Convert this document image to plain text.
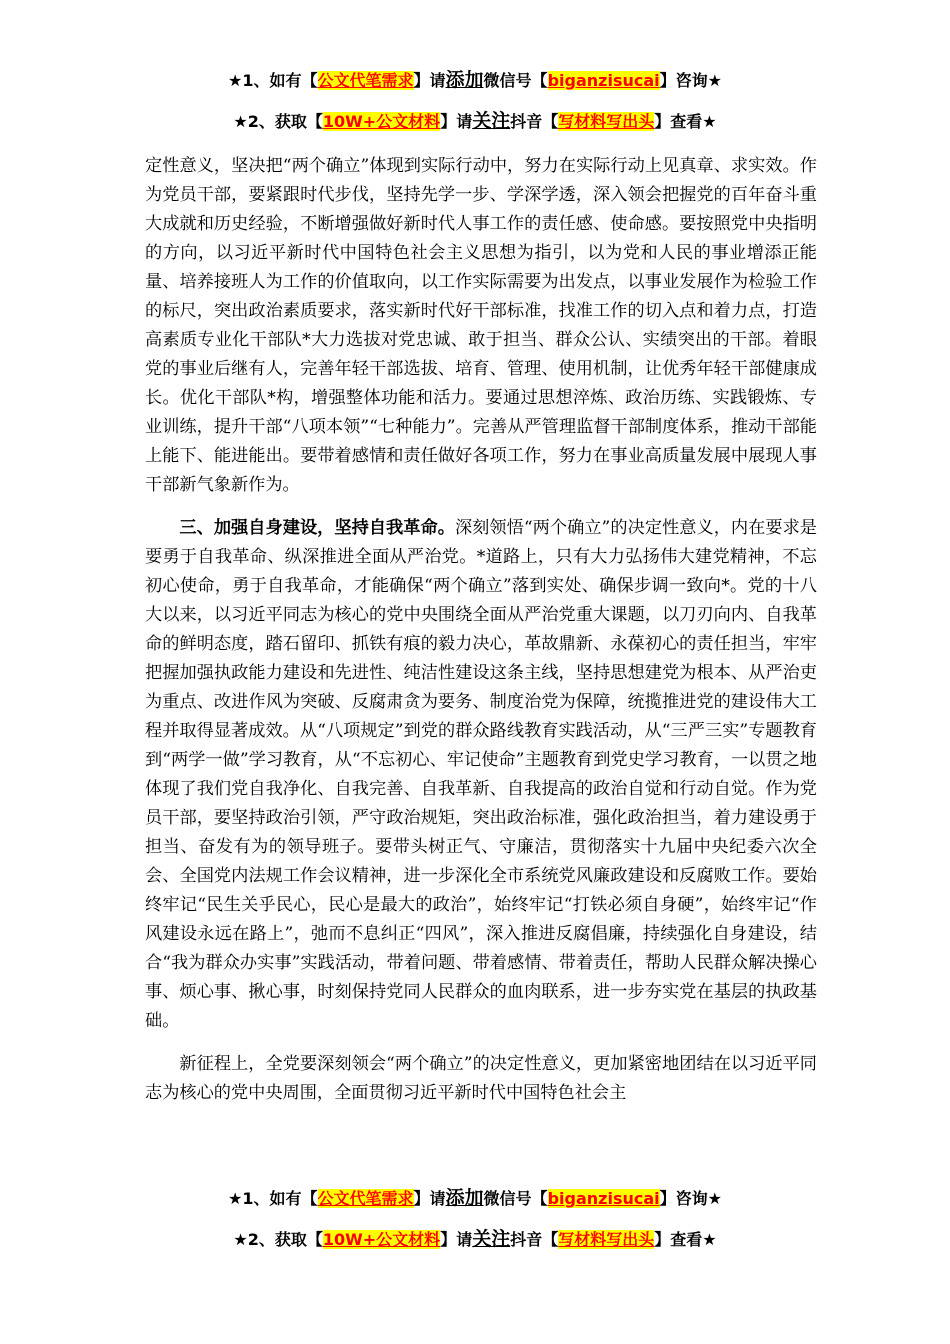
★1、如有【公文代笔需求】请添加微信号【biganzisucai】咨询★
★2、获取【10W+公文材料】请关注抖音【写材料写出头】查看★

定性意义，坚决把“两个确立”体现到实际行动中，努力在实际行动上见真章、求实效。作为党员干部，要紧跟时代步伐，坚持先学一步、学深学透，深入领会把握党的百年奋斗重大成就和历史经验，不断增强做好新时代人事工作的责任感、使命感。要按照党中央指明的方向，以习近平新时代中国特色社会主义思想为指引，以为党和人民的事业增添正能量、培养接班人为工作的价值取向，以工作实际需要为出发点，以事业发展作为检验工作的标尺，突出政治素质要求，落实新时代好干部标准，找准工作的切入点和着力点，打造高素质专业化干部队*大力选拔对党忠诚、敢于担当、群众公认、实绩突出的干部。着眼党的事业后继有人，完善年轻干部选拔、培育、管理、使用机制，让优秀年轻干部健康成长。优化干部队*构，增强整体功能和活力。要通过思想淬炼、政治历练、实践锻炼、专业训练，提升干部“八项本领”“七种能力”。完善从严管理监督干部制度体系，推动干部能上能下、能进能出。要带着感情和责任做好各项工作，努力在事业高质量发展中展现人事干部新气象新作为。

三、加强自身建设，坚持自我革命。深刻领悟“两个确立”的决定性意义，内在要求是要勇于自我革命、纵深推进全面从严治党。*道路上，只有大力弘扬伟大建党精神，不忘初心使命，勇于自我革命，才能确保“两个确立”落到实处、确保步调一致向*。党的十八大以来，以习近平同志为核心的党中央围绕全面从严治党重大课题，以刀刃向内、自我革命的鲜明态度，踏石留印、抓铁有痕的毅力决心，革故鼎新、永葆初心的责任担当，牢牢把握加强执政能力建设和先进性、纯洁性建设这条主线，坚持思想建党为根本、从严治吏为重点、改进作风为突破、反腐肃贪为要务、制度治党为保障，统揽推进党的建设伟大工程并取得显著成效。从“八项规定”到党的群众路线教育实践活动，从“三严三实”专题教育到“两学一做”学习教育，从“不忘初心、牢记使命”主题教育到党史学习教育，一以贯之地体现了我们党自我净化、自我完善、自我革新、自我提高的政治自觉和行动自觉。作为党员干部，要坚持政治引领，严守政治规矩，突出政治标准，强化政治担当，着力建设勇于担当、奋发有为的领导班子。要带头树正气、守廉洁，贯彻落实十九届中央纪委六次全会、全国党内法规工作会议精神，进一步深化全市系统党风廉政建设和反腐败工作。要始终牢记“民生关乎民心，民心是最大的政治”，始终牢记“打铁必须自身硬”，始终牢记“作风建设永远在路上”，弛而不息纠正“四风”，深入推进反腐倡廉，持续强化自身建设，结合“我为群众办实事”实践活动，带着问题、带着感情、带着责任，帮助人民群众解决操心事、烦心事、揪心事，时刻保持党同人民群众的血肉联系，进一步夯实党在基层的执政基础。

新征程上，全党要深刻领会“两个确立”的决定性意义，更加紧密地团结在以习近平同志为核心的党中央周围，全面贯彻习近平新时代中国特色社会主

★1、如有【公文代笔需求】请添加微信号【biganzisucai】咨询★
★2、获取【10W+公文材料】请关注抖音【写材料写出头】查看★
